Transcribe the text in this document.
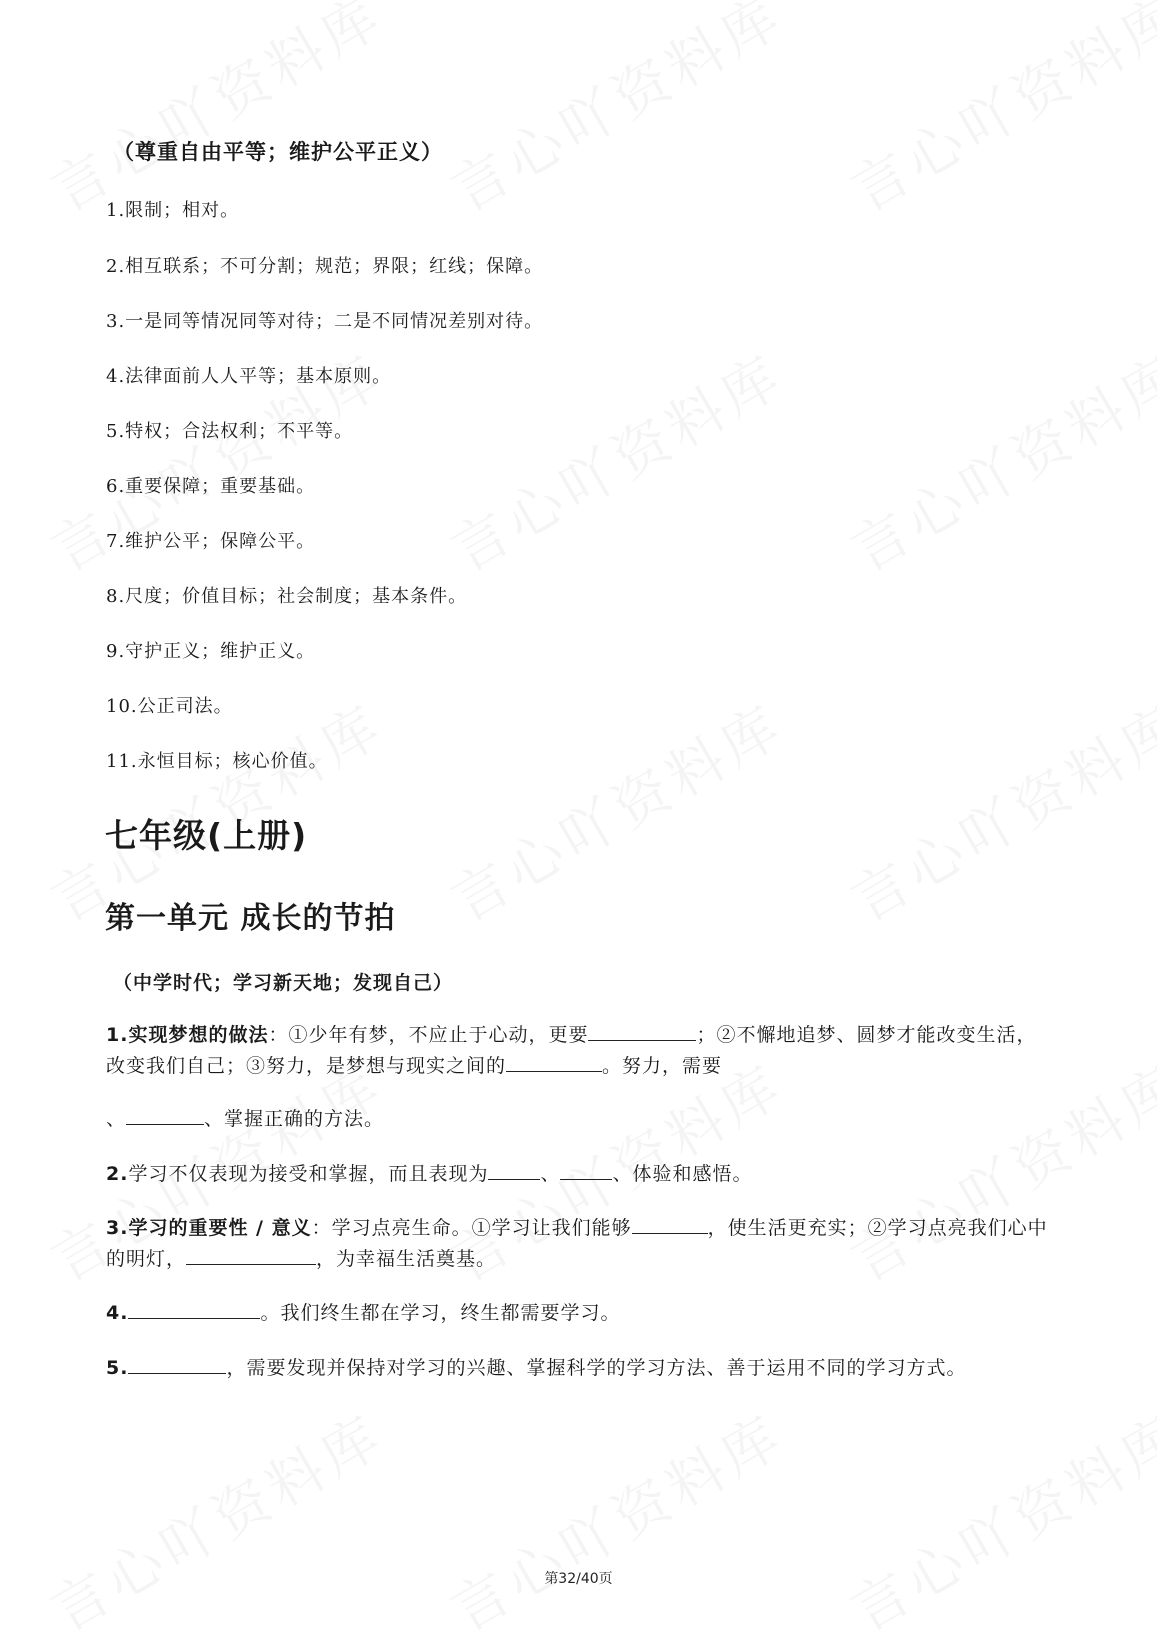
（尊重自由平等；维护公平正义）
1.限制；相对。
2.相互联系；不可分割；规范；界限；红线；保障。
3.一是同等情况同等对待；二是不同情况差别对待。
4.法律面前人人平等；基本原则。
5.特权；合法权利；不平等。
6.重要保障；重要基础。
7.维护公平；保障公平。
8.尺度；价值目标；社会制度；基本条件。
9.守护正义；维护正义。
10.公正司法。
11.永恒目标；核心价值。
七年级(上册)
第一单元 成长的节拍
（中学时代；学习新天地；发现自己）
1.实现梦想的做法：①少年有梦，不应止于心动，更要	；②不懈地追梦、圆梦才能改变生活，改变我们自己；③努力，是梦想与现实之间的	。努力，需要
、	、掌握正确的方法。
2.学习不仅表现为接受和掌握，而且表现为	、	、体验和感悟。
3.学习的重要性 / 意义：学习点亮生命。①学习让我们能够	，使生活更充实；②学习点亮我们心中的明灯，	，为幸福生活奠基。
4.	。我们终生都在学习，终生都需要学习。
5.	，需要发现并保持对学习的兴趣、掌握科学的学习方法、善于运用不同的学习方式。
第32/40页
